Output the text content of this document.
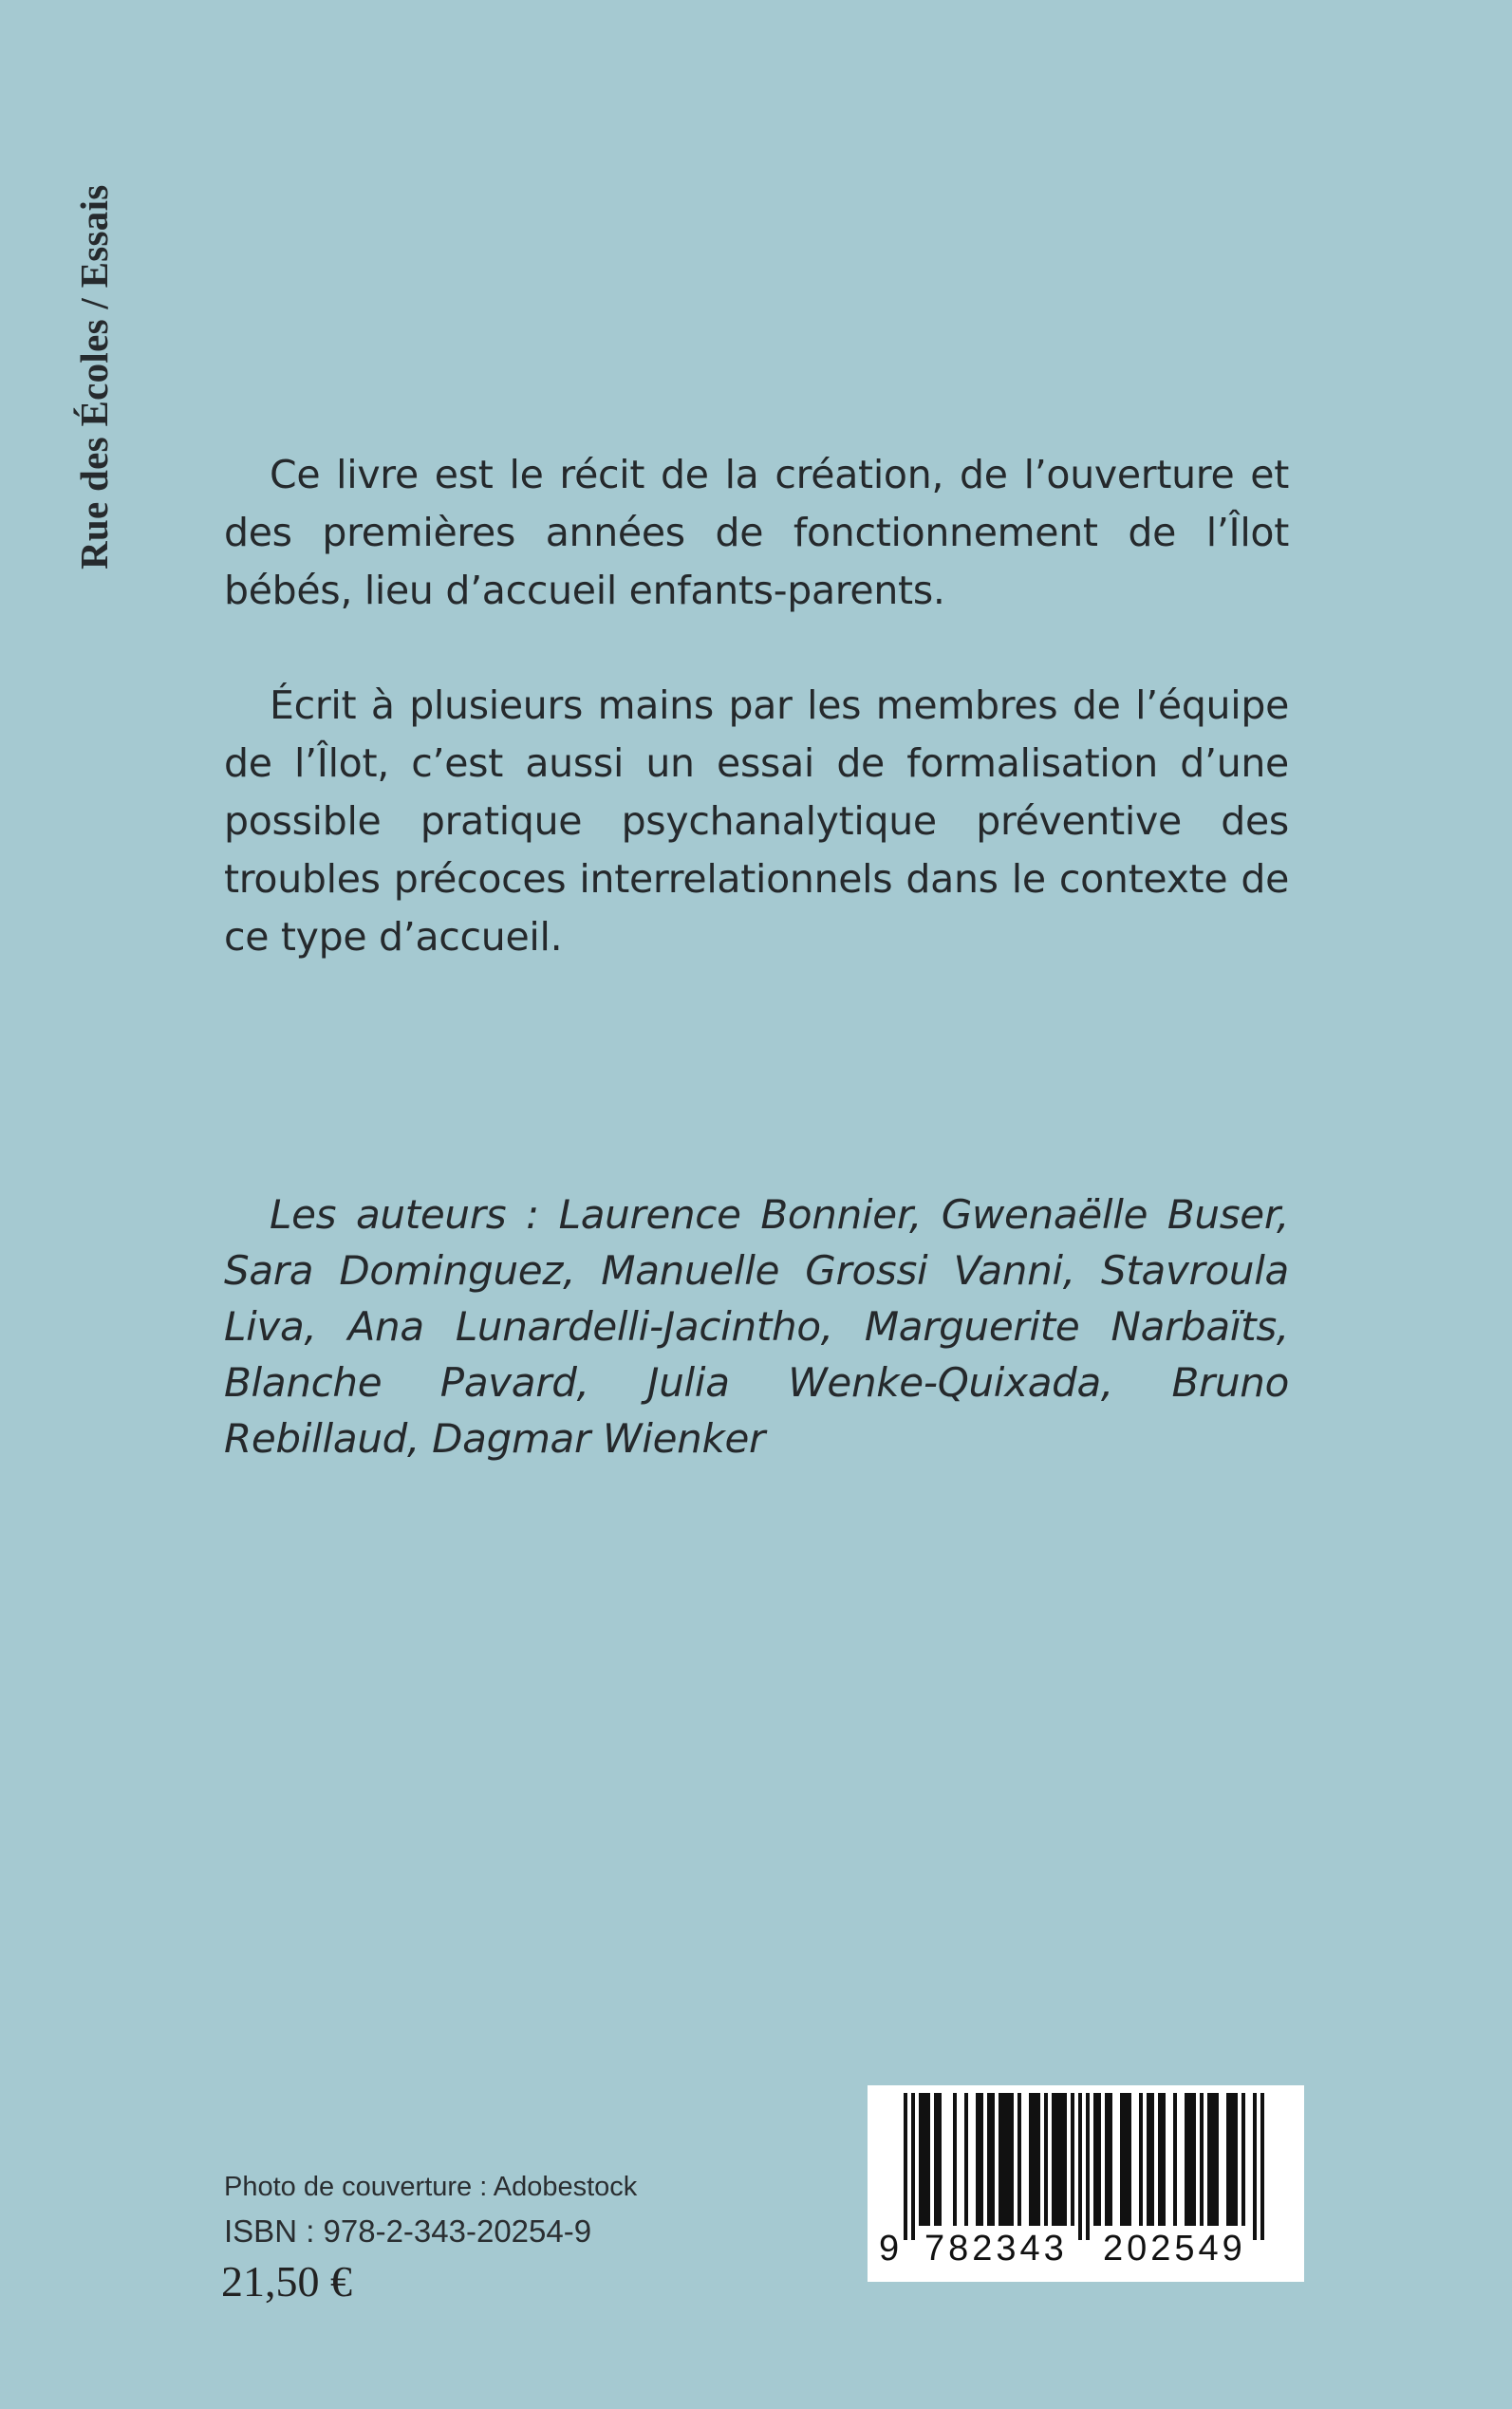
Rue des Écoles / Essais	Ce livre est le récit de la création, de l’ouverture et des premières années de fonctionnement de l’Îlot bébés, lieu d’accueil enfants-parents.

Écrit à plusieurs mains par les membres de l’équipe de l’Îlot, c’est aussi un essai de formalisation d’une possible pratique psychanalytique préventive des troubles précoces interrelationnels dans le contexte de ce type d’accueil.

Les auteurs : Laurence Bonnier, Gwenaëlle Buser, Sara Dominguez, Manuelle Grossi Vanni, Stavroula Liva, Ana Lunardelli-Jacintho, Marguerite Narbaïts, Blanche Pavard, Julia Wenke-Quixada, Bruno Rebillaud, Dagmar Wienker

Photo de couverture : Adobestock
ISBN : 978-2-343-20254-9
21,50 €
9 782343 202549
